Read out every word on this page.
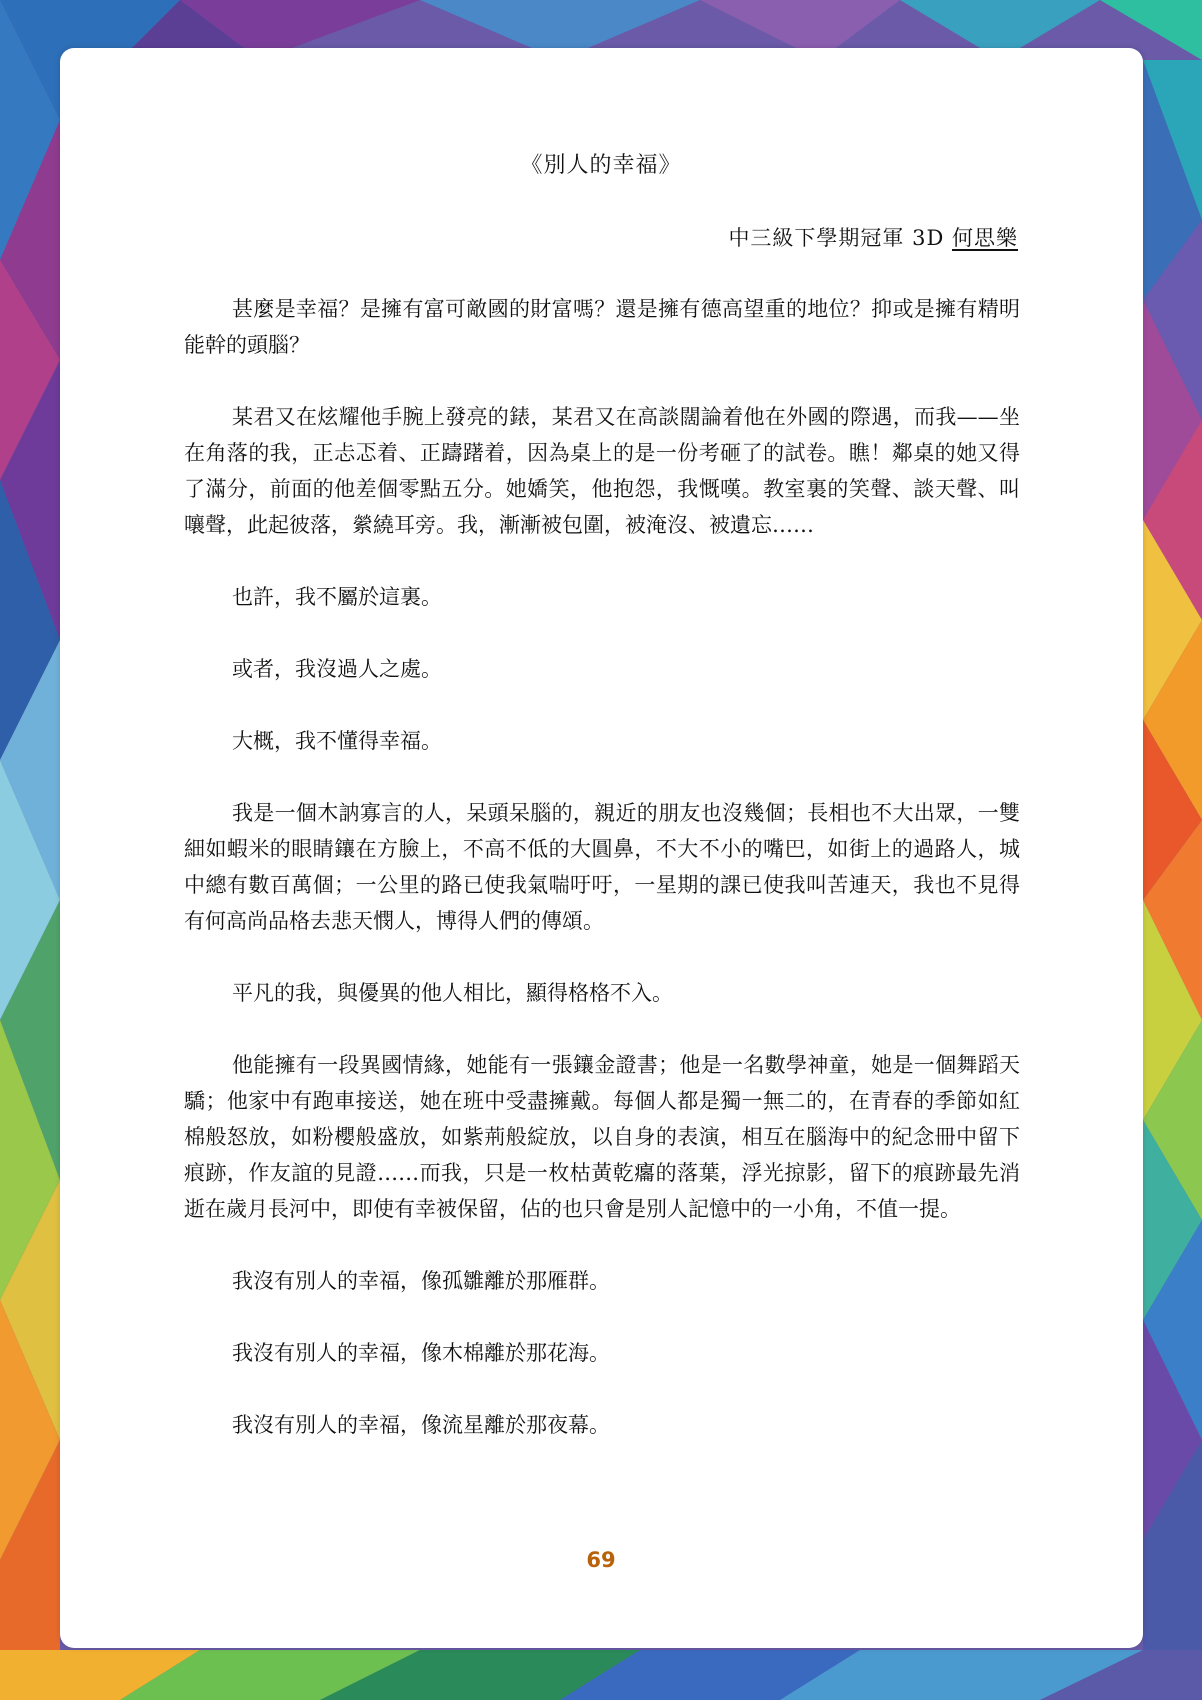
《別人的幸福》
中三級下學期冠軍 3D 何思樂

甚麼是幸福？是擁有富可敵國的財富嗎？還是擁有德高望重的地位？抑或是擁有精明能幹的頭腦？

某君又在炫耀他手腕上發亮的錶，某君又在高談闊論着他在外國的際遇，而我——坐在角落的我，正忐忑着、正躊躇着，因為桌上的是一份考砸了的試卷。瞧！鄰桌的她又得了滿分，前面的他差個零點五分。她嬌笑，他抱怨，我慨嘆。教室裏的笑聲、談天聲、叫嚷聲，此起彼落，縈繞耳旁。我，漸漸被包圍，被淹沒、被遺忘……

也許，我不屬於這裏。

或者，我沒過人之處。

大概，我不懂得幸福。

我是一個木訥寡言的人，呆頭呆腦的，親近的朋友也沒幾個；長相也不大出眾，一雙細如蝦米的眼睛鑲在方臉上，不高不低的大圓鼻，不大不小的嘴巴，如街上的過路人，城中總有數百萬個；一公里的路已使我氣喘吁吁，一星期的課已使我叫苦連天，我也不見得有何高尚品格去悲天憫人，博得人們的傳頌。

平凡的我，與優異的他人相比，顯得格格不入。

他能擁有一段異國情緣，她能有一張鑲金證書；他是一名數學神童，她是一個舞蹈天驕；他家中有跑車接送，她在班中受盡擁戴。每個人都是獨一無二的，在青春的季節如紅棉般怒放，如粉櫻般盛放，如紫荊般綻放，以自身的表演，相互在腦海中的紀念冊中留下痕跡，作友誼的見證……而我，只是一枚枯黃乾癟的落葉，浮光掠影，留下的痕跡最先消逝在歲月長河中，即使有幸被保留，佔的也只會是別人記憶中的一小角，不值一提。

我沒有別人的幸福，像孤雛離於那雁群。

我沒有別人的幸福，像木棉離於那花海。

我沒有別人的幸福，像流星離於那夜幕。

69
